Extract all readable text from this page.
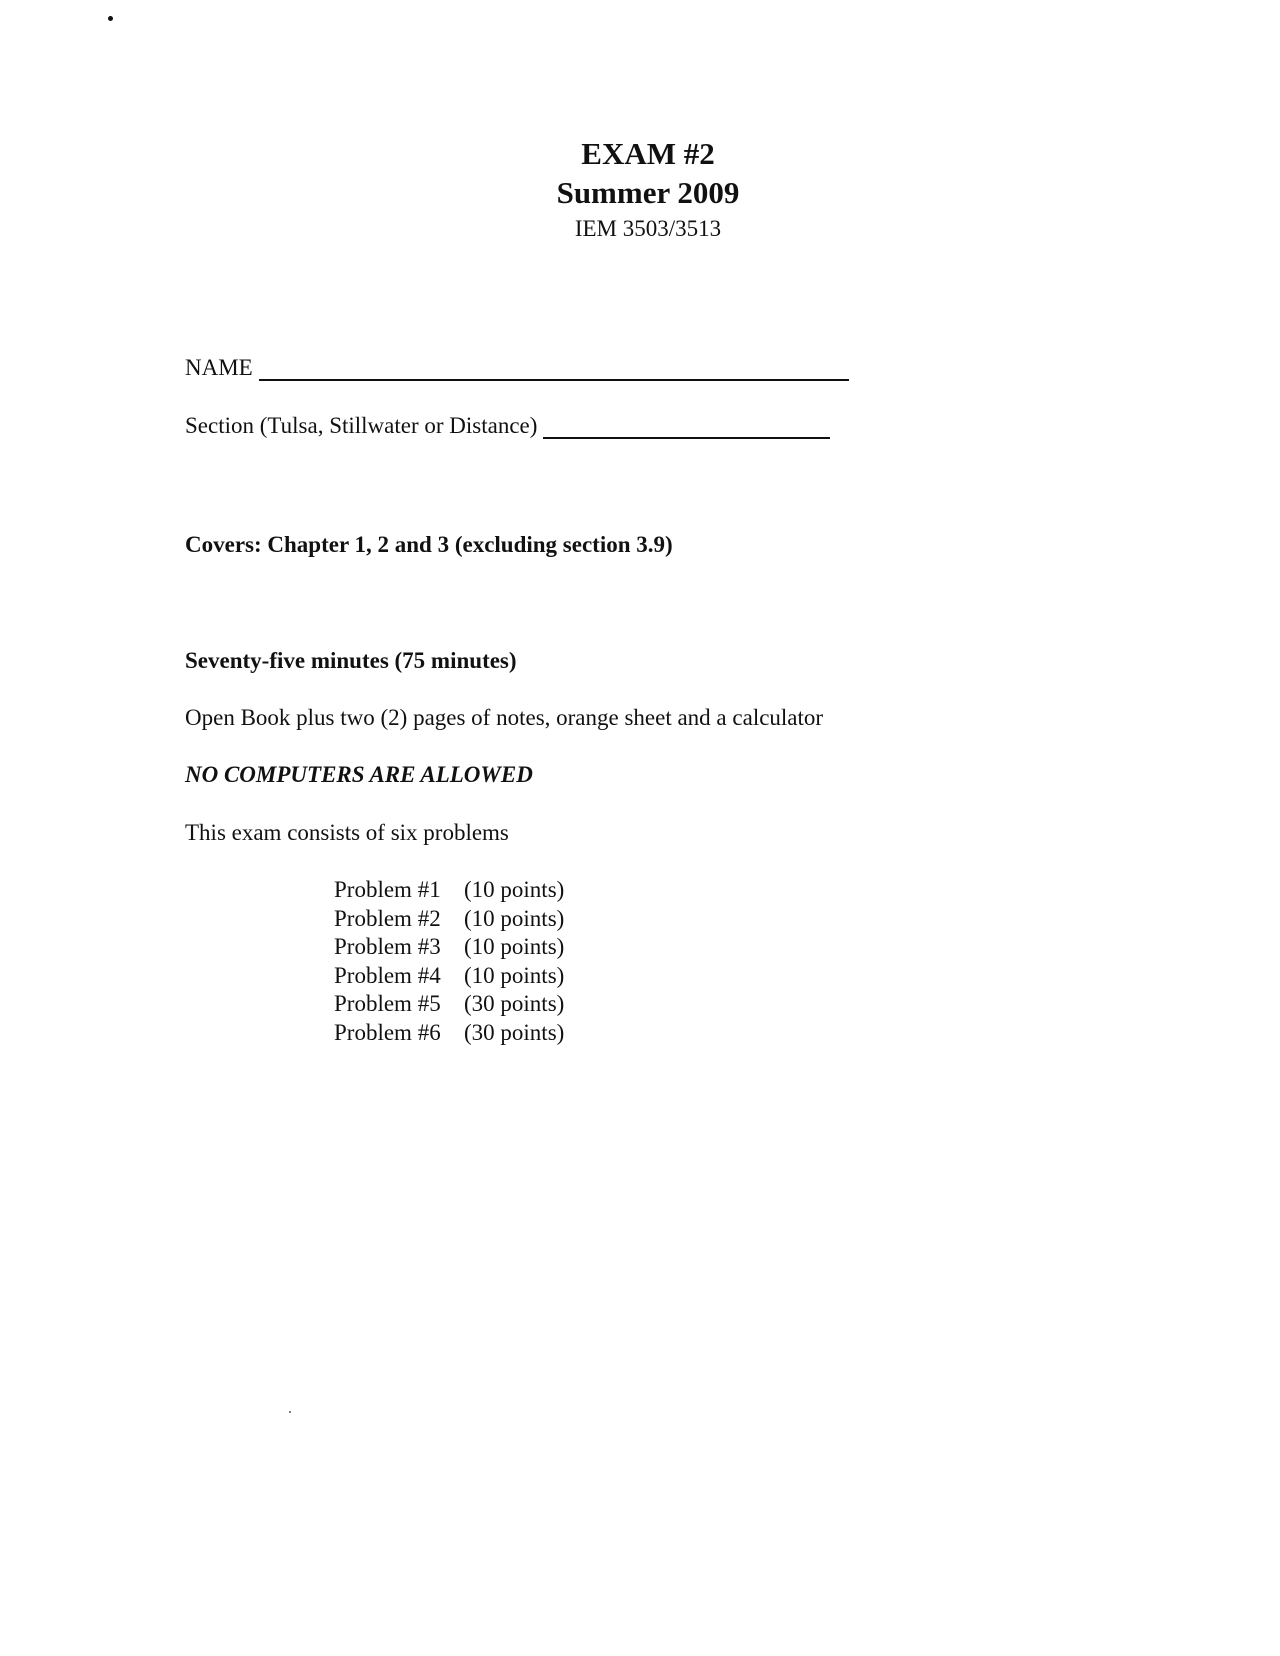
EXAM #2
Summer 2009
IEM 3503/3513
NAME
Section (Tulsa, Stillwater or Distance)
Covers: Chapter 1, 2 and 3 (excluding section 3.9)
Seventy-five minutes (75 minutes)
Open Book plus two (2) pages of notes, orange sheet and a calculator
NO COMPUTERS ARE ALLOWED
This exam consists of six problems
Problem #1	(10 points)
Problem #2	(10 points)
Problem #3	(10 points)
Problem #4	(10 points)
Problem #5	(30 points)
Problem #6	(30 points)
